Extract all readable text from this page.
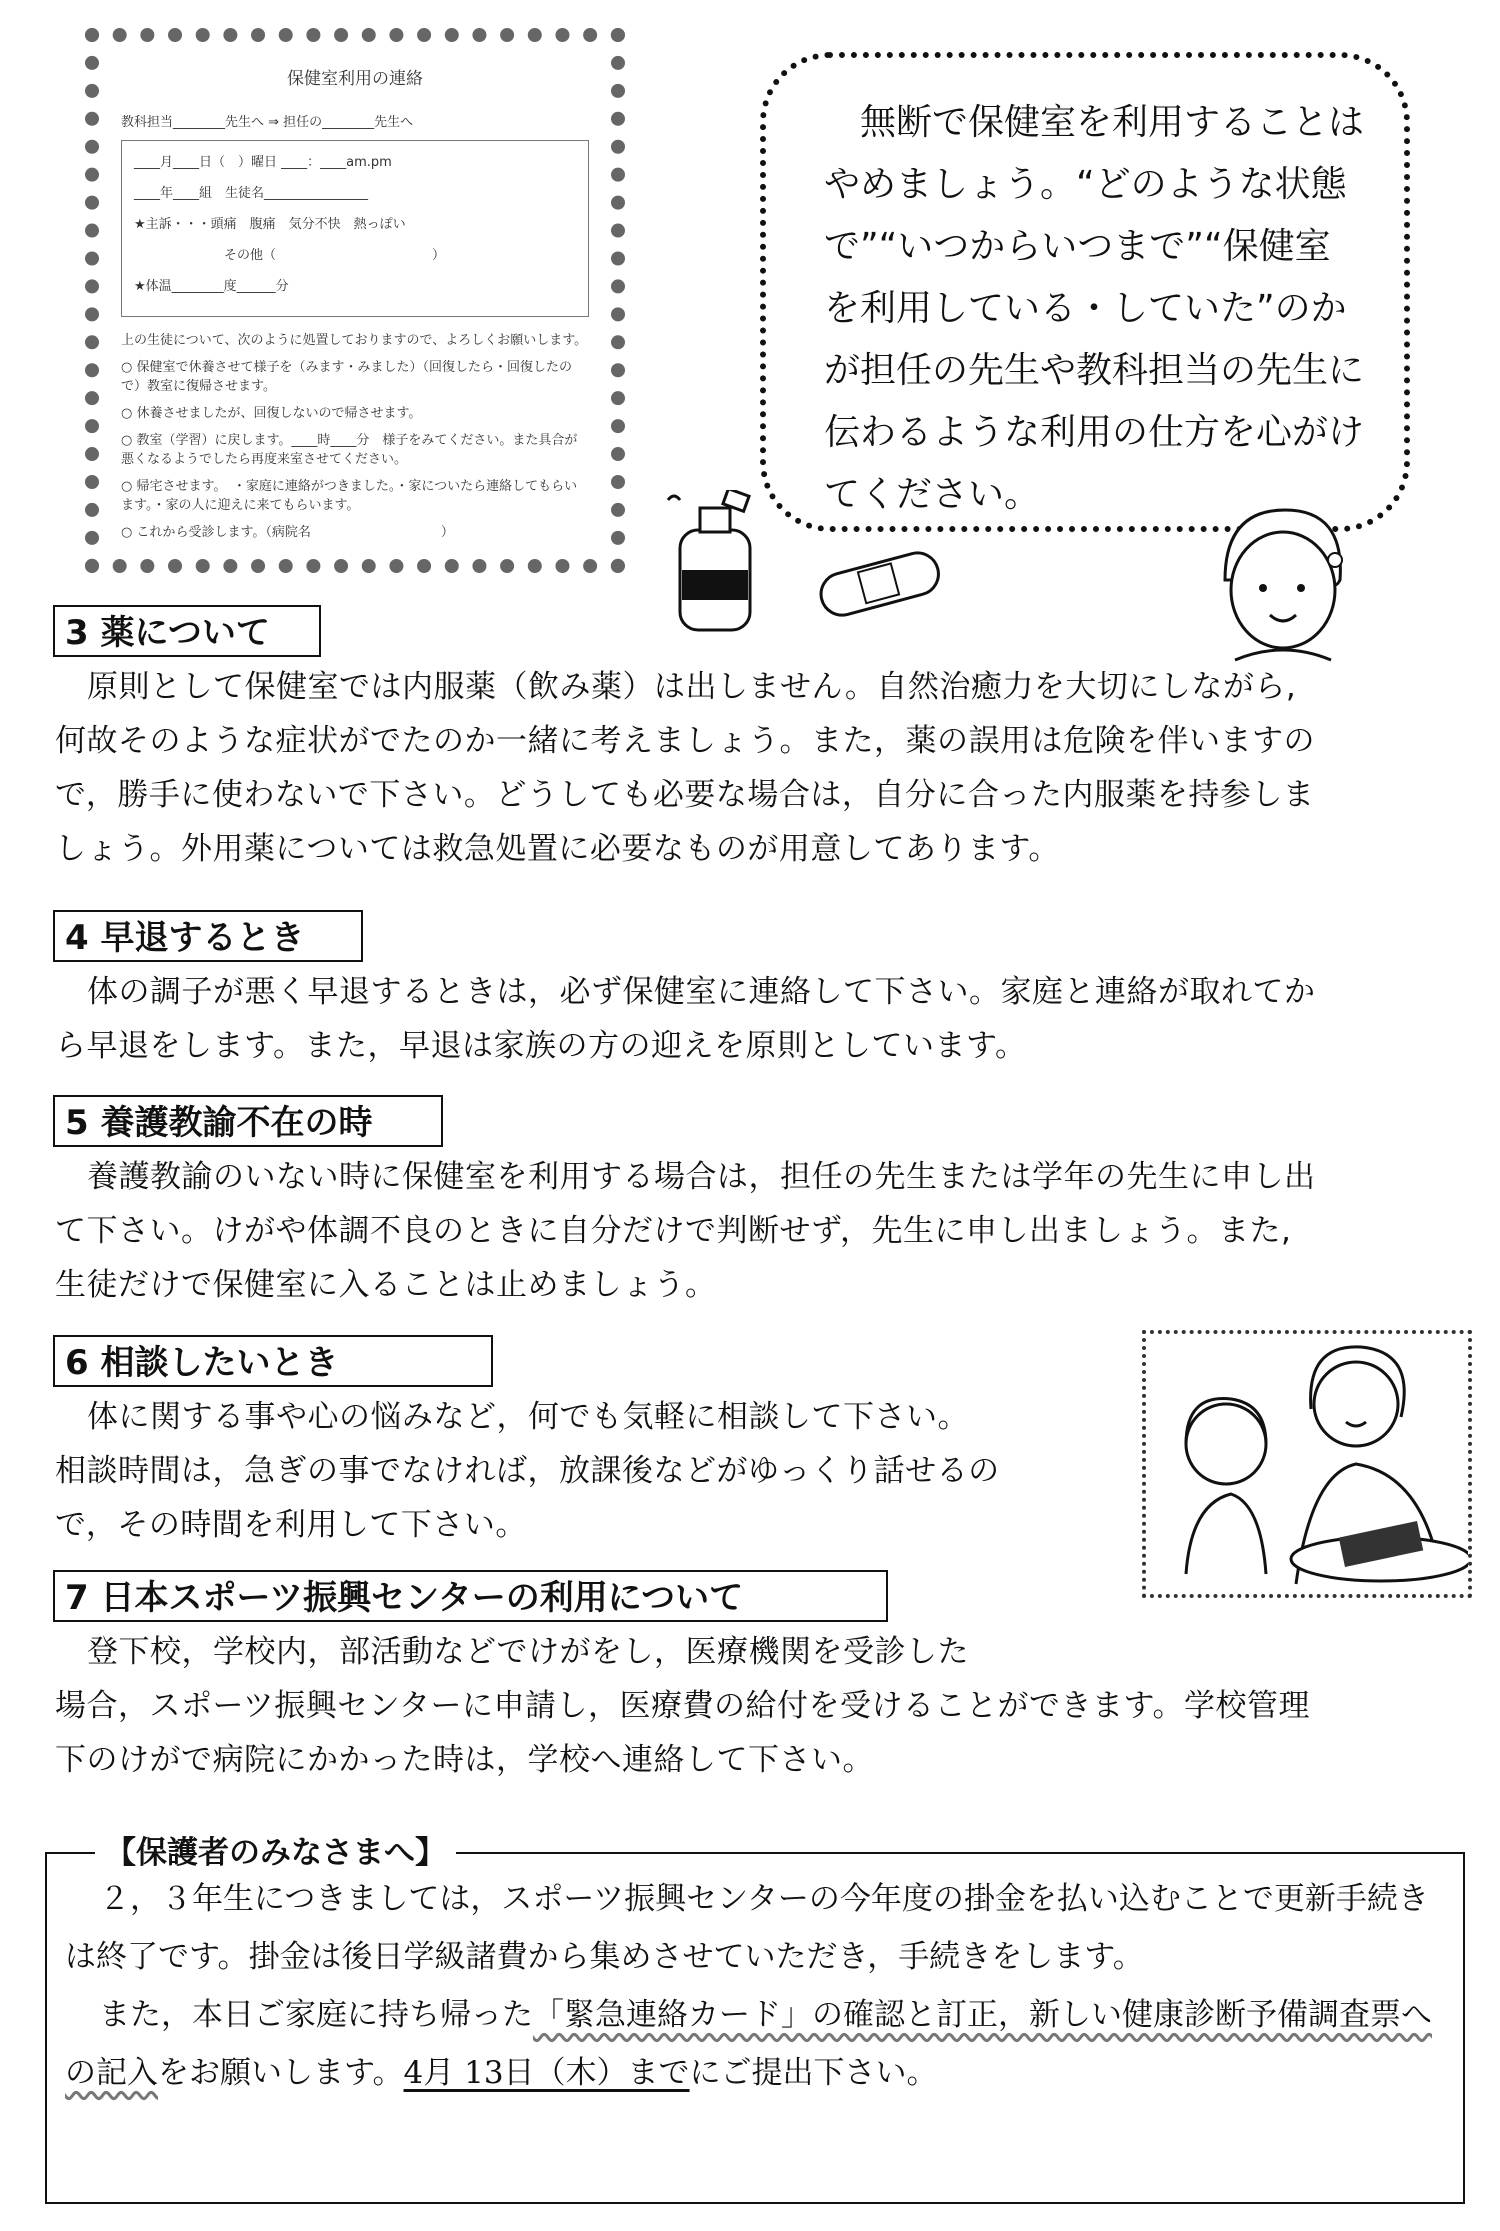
保健室利用の連絡
教科担当________先生へ ⇒ 担任の________先生へ
____月____日（　）曜日 ____：____am.pm
____年____組　生徒名________________
★主訴・・・頭痛　腹痛　気分不快　熱っぽい
その他（　　　　　　　　　　　　）
★体温________度______分
上の生徒について、次のように処置しておりますので、よろしくお願いします。
○ 保健室で休養させて様子を（みます・みました）（回復したら・回復したので）教室に復帰させます。
○ 休養させましたが、回復しないので帰させます。
○ 教室（学習）に戻します。____時____分　様子をみてください。また具合が悪くなるようでしたら再度来室させてください。
○ 帰宅させます。　・家庭に連絡がつきました。・家についたら連絡してもらいます。・家の人に迎えに来てもらいます。
○ これから受診します。（病院名　　　　　　　　　　）
無断で保健室を利用することは
やめましょう。“どのような状態
で”“いつからいつまで”“保健室
を利用している・していた”のか
が担任の先生や教科担当の先生に
伝わるような利用の仕方を心がけ
てください。
3 薬について
原則として保健室では内服薬（飲み薬）は出しません。自然治癒力を大切にしながら,
何故そのような症状がでたのか一緒に考えましょう。また，薬の誤用は危険を伴いますの
で，勝手に使わないで下さい。どうしても必要な場合は，自分に合った内服薬を持参しま
しょう。外用薬については救急処置に必要なものが用意してあります。
4 早退するとき
体の調子が悪く早退するときは，必ず保健室に連絡して下さい。家庭と連絡が取れてか
ら早退をします。また，早退は家族の方の迎えを原則としています。
5 養護教諭不在の時
養護教諭のいない時に保健室を利用する場合は，担任の先生または学年の先生に申し出
て下さい。けがや体調不良のときに自分だけで判断せず，先生に申し出ましょう。また,
生徒だけで保健室に入ることは止めましょう。
6 相談したいとき
体に関する事や心の悩みなど，何でも気軽に相談して下さい。
相談時間は，急ぎの事でなければ，放課後などがゆっくり話せるの
で，その時間を利用して下さい。
7 日本スポーツ振興センターの利用について
登下校，学校内，部活動などでけがをし，医療機関を受診した
場合，スポーツ振興センターに申請し，医療費の給付を受けることができます。学校管理
下のけがで病院にかかった時は，学校へ連絡して下さい。
【保護者のみなさまへ】
２，３年生につきましては，スポーツ振興センターの今年度の掛金を払い込むことで更新手続きは終了です。掛金は後日学級諸費から集めさせていただき，手続きをします。
また，本日ご家庭に持ち帰った「緊急連絡カード」の確認と訂正，新しい健康診断予備調査票への記入をお願いします。4月 13日（木）までにご提出下さい。
